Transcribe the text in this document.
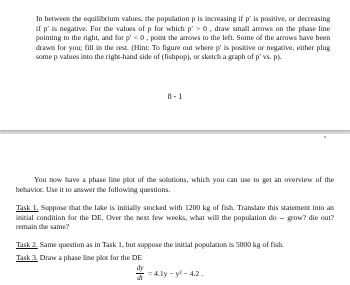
In between the equilibrium values, the population p is increasing if p′ is positive, or decreasing if p′ is negative. For the values of p for which p′ > 0 , draw small arrows on the phase line pointing to the right, and for p′ < 0 , point the arrows to the left. Some of the arrows have been drawn for you; fill in the rest. (Hint: To figure out where p′ is positive or negative, either plug some p values into the right-hand side of (fishpop), or sketch a graph of p′ vs. p).
8 - 1
You now have a phase line plot of the solutions, which you can use to get an overview of the behavior. Use it to answer the following questions.
Task 1. Suppose that the lake is initially stocked with 1200 kg of fish. Translate this statement into an initial condition for the DE. Over the next few weeks, what will the population do -- grow? die out? remain the same?
Task 2. Same question as in Task 1, but suppose the initial population is 5000 kg of fish.
Task 3. Draw a phase line plot for the DE
$\frac{dy}{dt} = 4.1y - y^2 - 4.2$ .
